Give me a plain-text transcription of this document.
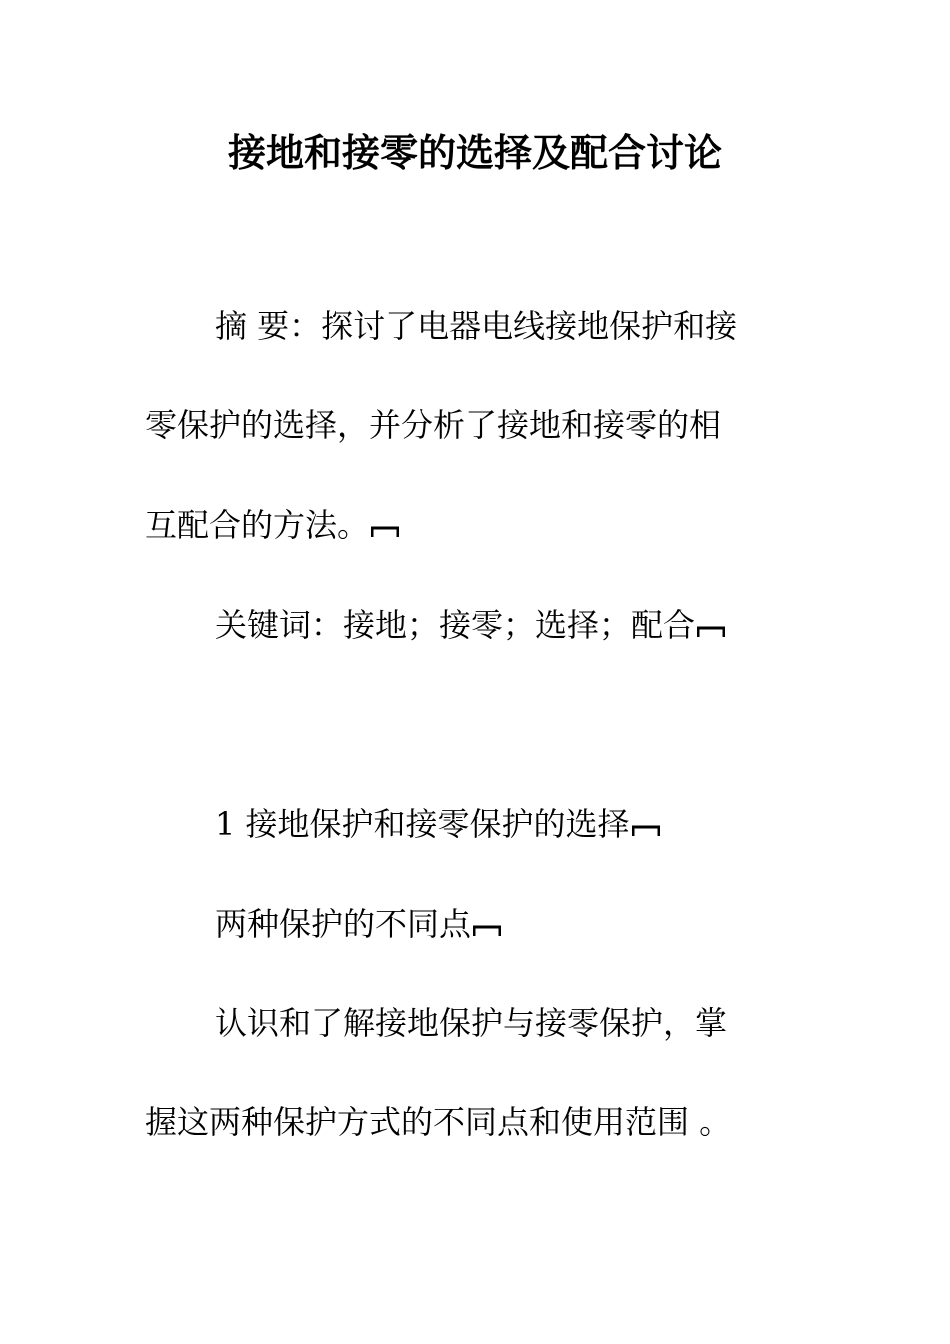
接地和接零的选择及配合讨论
摘 要：探讨了电器电线接地保护和接
零保护的选择，并分析了接地和接零的相
互配合的方法。
关键词：接地；接零；选择；配合
1 接地保护和接零保护的选择
两种保护的不同点
认识和了解接地保护与接零保护，掌
握这两种保护方式的不同点和使用范围 。
